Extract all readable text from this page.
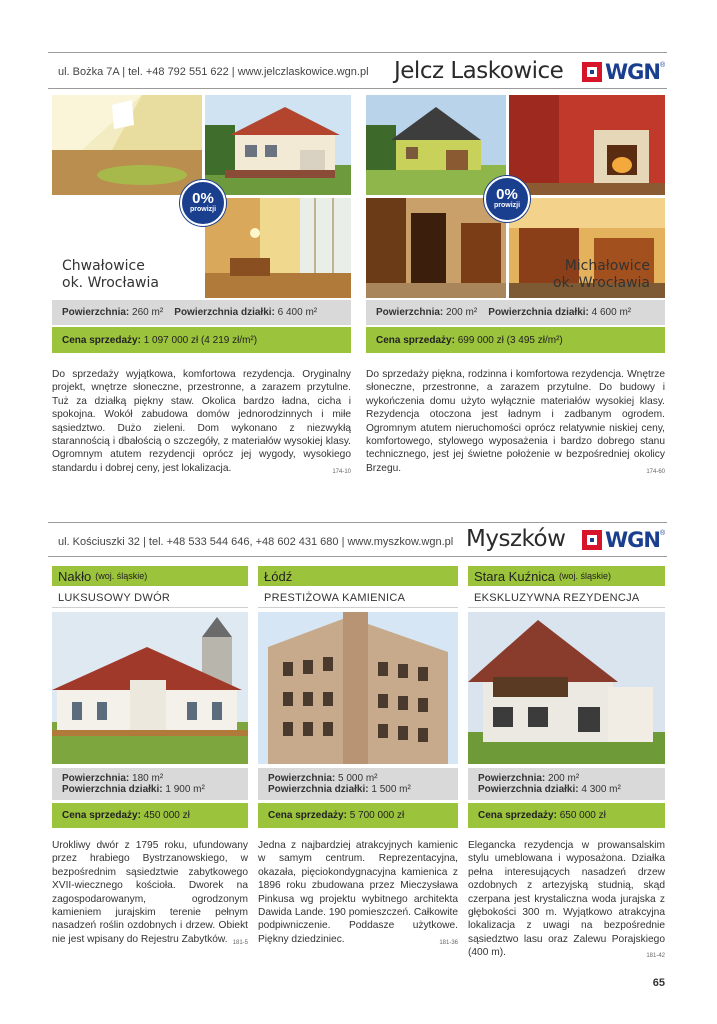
ul. Bożka 7A | tel. +48 792 551 622 | www.jelczlaskowice.wgn.pl Jelcz Laskowice WGN ®
0%
prowizji
Chwałowice
ok. Wrocławia
Powierzchnia:
260 m²
Powierzchnia działki:
6 400 m²
Cena sprzedaży:
1 097 000 zł (4 219 zł/m²)
Do sprzedaży wyjątkowa, komfortowa rezydencja. Oryginalny projekt, wnętrze słoneczne, przestronne, a zarazem przytulne. Tuż za działką piękny staw. Okolica bardzo ładna, cicha i spokojna. Wokół zabudowa domów jednorodzinnych i miłe sąsiedztwo. Dużo zieleni. Dom wykonano z niezwykłą starannością i dbałością o szczegóły, z materiałów wysokiej klasy. Ogromnym atutem rezydencji oprócz jej wygody, wysokiego standardu i dobrej ceny, jest lokalizacja.	174-10
0%
prowizji
Michałowice
ok. Wrocławia
Powierzchnia:
200 m²
Powierzchnia działki:
4 600 m²
Cena sprzedaży:
699 000 zł (3 495 zł/m²)
Do sprzedaży piękna, rodzinna i komfortowa rezydencja. Wnętrze słoneczne, przestronne, a zarazem przytulne. Do budowy i wykończenia domu użyto wyłącznie materiałów wysokiej klasy. Rezydencja otoczona jest ładnym i zadbanym ogrodem. Ogromnym atutem nieruchomości oprócz relatywnie niskiej ceny, komfortowego, stylowego wyposażenia i bardzo dobrego stanu technicznego, jest jej świetne położenie w bezpośredniej okolicy Brzegu.	174-60
ul. Kościuszki 32 | tel. +48 533 544 646, +48 602 431 680 | www.myszkow.wgn.pl Myszków WGN ®
Nakło (woj. śląskie)
LUKSUSOWY DWÓR
Powierzchnia: 180 m²
Powierzchnia działki: 1 900 m²
Cena sprzedaży:
450 000 zł
Urokliwy dwór z 1795 roku, ufundowany przez hrabiego Bystrzanowskiego, w bezpośrednim sąsiedztwie zabytkowego XVII-wiecznego kościoła. Dworek na zagospodarowanym, ogrodzonym kamieniem jurajskim terenie pełnym nasadzeń roślin ozdobnych i drzew. Obiekt nie jest wpisany do Rejestru Zabytków. 181-5
Łódź
PRESTIŻOWA KAMIENICA
Powierzchnia: 5 000 m²
Powierzchnia działki: 1 500 m²
Cena sprzedaży:
5 700 000 zł
Jedna z najbardziej atrakcyjnych kamienic w samym centrum. Reprezentacyjna, okazała, pięciokondygnacyjna kamienica z 1896 roku zbudowana przez Mieczysława Pinkusa wg projektu wybitnego architekta Dawida Lande. 190 pomieszczeń. Całkowite podpiwniczenie. Poddasze użytkowe. Piękny dziedziniec.	181-36
Stara Kuźnica (woj. śląskie)
EKSKLUZYWNA REZYDENCJA
Powierzchnia: 200 m²
Powierzchnia działki: 4 300 m²
Cena sprzedaży:
650 000 zł
Elegancka rezydencja w prowansalskim stylu umeblowana i wyposażona. Działka pełna interesujących nasadzeń drzew ozdobnych z artezyjską studnią, skąd czerpana jest krystaliczna woda jurajska z głębokości 300 m. Wyjątkowo atrakcyjna lokalizacja z uwagi na bezpośrednie sąsiedztwo lasu oraz Zalewu Porajskiego (400 m).	181-42
65
